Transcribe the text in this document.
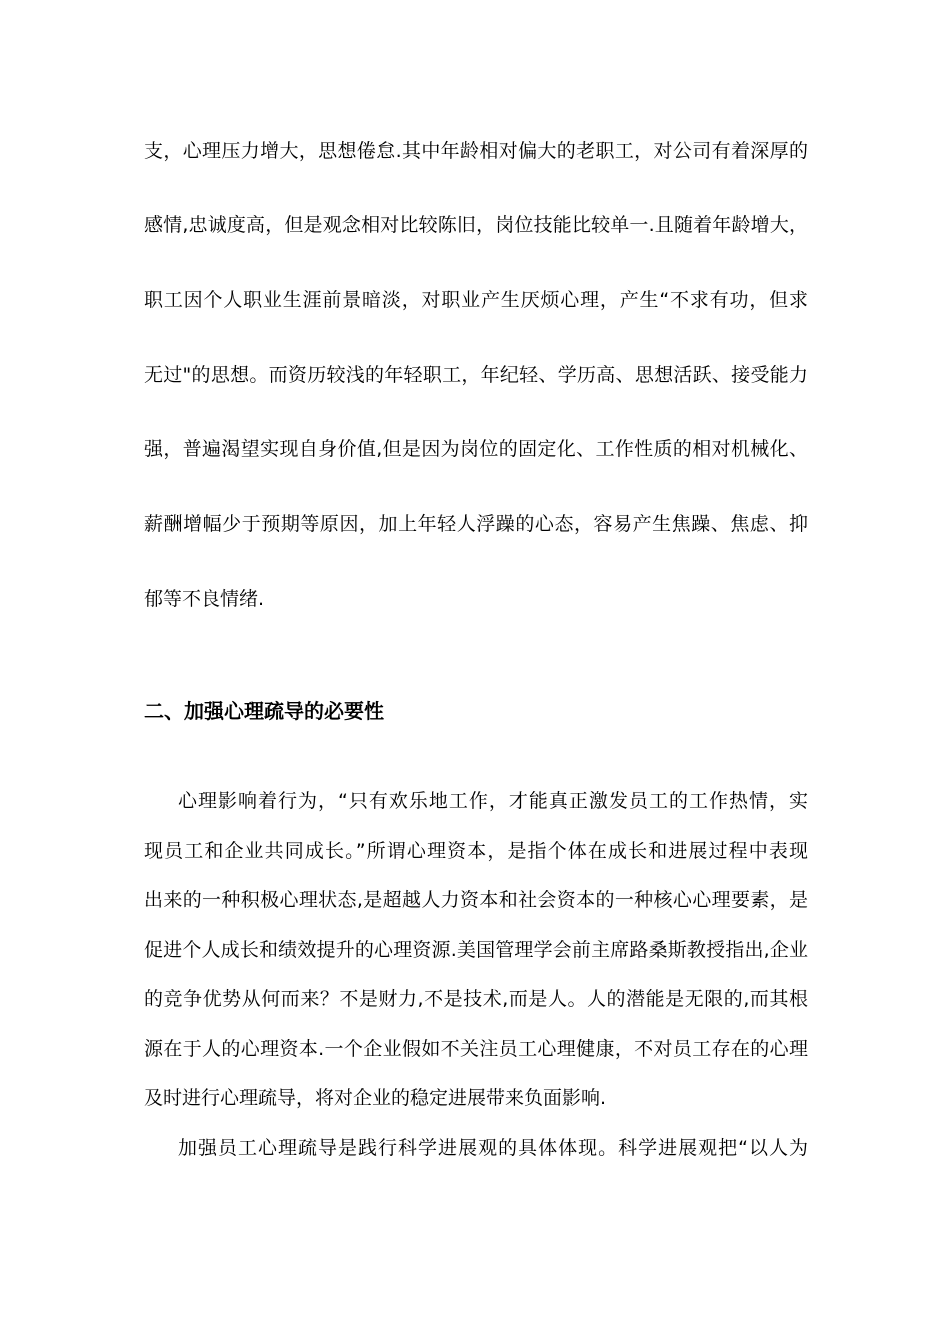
支，心理压力增大，思想倦怠.其中年龄相对偏大的老职工，对公司有着深厚的
感情,忠诚度高，但是观念相对比较陈旧，岗位技能比较单一.且随着年龄增大，
职工因个人职业生涯前景暗淡，对职业产生厌烦心理，产生“不求有功，但求
无过"的思想。而资历较浅的年轻职工，年纪轻、学历高、思想活跃、接受能力
强，普遍渴望实现自身价值,但是因为岗位的固定化、工作性质的相对机械化、
薪酬增幅少于预期等原因，加上年轻人浮躁的心态，容易产生焦躁、焦虑、抑
郁等不良情绪.
二、加强心理疏导的必要性
心理影响着行为，“只有欢乐地工作，才能真正激发员工的工作热情，实
现员工和企业共同成长。”所谓心理资本，是指个体在成长和进展过程中表现
出来的一种积极心理状态,是超越人力资本和社会资本的一种核心心理要素，是
促进个人成长和绩效提升的心理资源.美国管理学会前主席路桑斯教授指出,企业
的竞争优势从何而来？不是财力,不是技术,而是人。人的潜能是无限的,而其根
源在于人的心理资本.一个企业假如不关注员工心理健康，不对员工存在的心理
及时进行心理疏导，将对企业的稳定进展带来负面影响.
加强员工心理疏导是践行科学进展观的具体体现。科学进展观把“以人为
